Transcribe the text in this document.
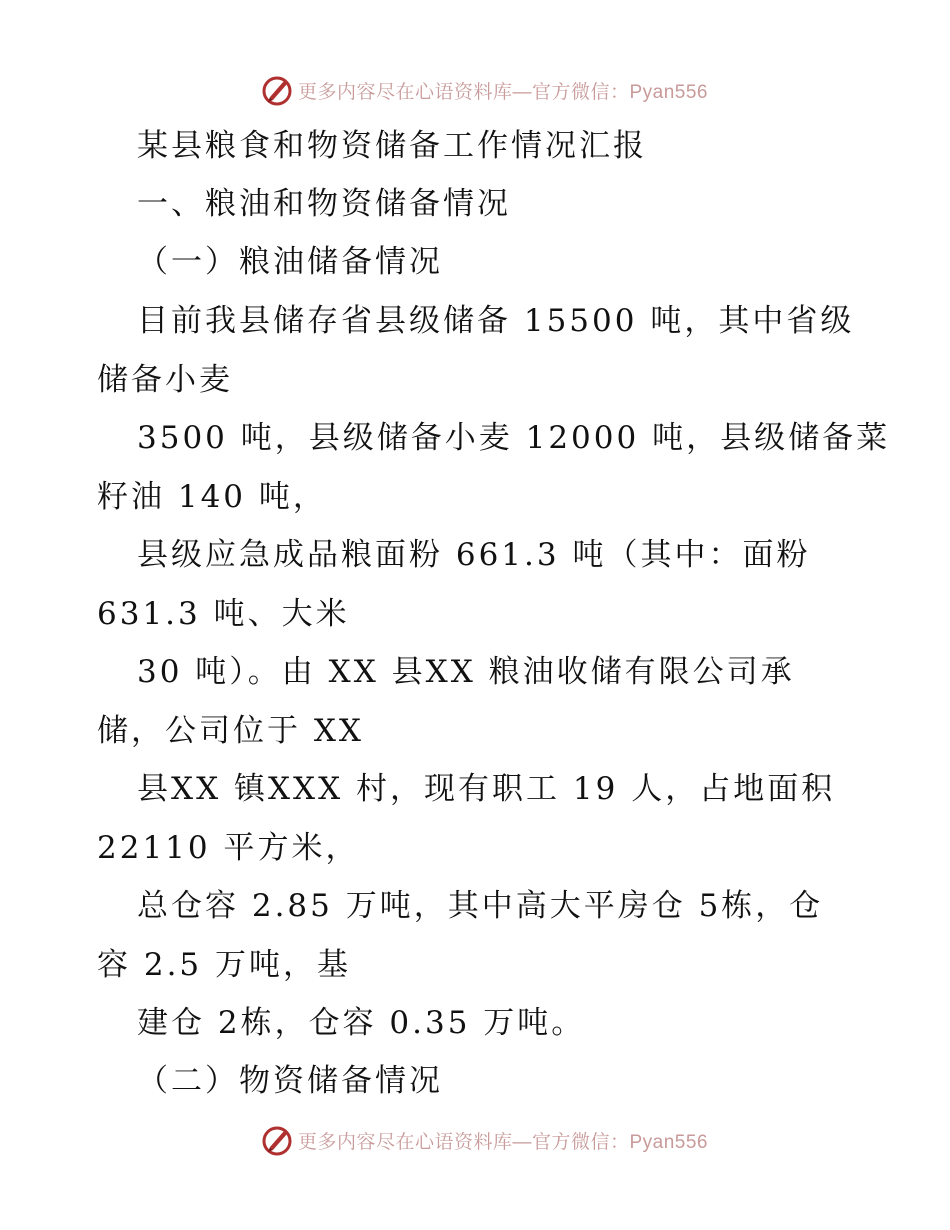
更多内容尽在心语资料库—官方微信：Pyan556
某县粮食和物资储备工作情况汇报
一、粮油和物资储备情况
（一）粮油储备情况
目前我县储存省县级储备 15500 吨，其中省级
储备小麦
3500 吨，县级储备小麦 12000 吨，县级储备菜
籽油 140 吨，
县级应急成品粮面粉 661.3 吨（其中：面粉
631.3 吨、大米
30 吨）。由 XX 县XX 粮油收储有限公司承
储，公司位于 XX
县XX 镇XXX 村，现有职工 19 人，占地面积
22110 平方米，
总仓容 2.85 万吨，其中高大平房仓 5栋，仓
容 2.5 万吨，基
建仓 2栋，仓容 0.35 万吨。
（二）物资储备情况
更多内容尽在心语资料库—官方微信：Pyan556
